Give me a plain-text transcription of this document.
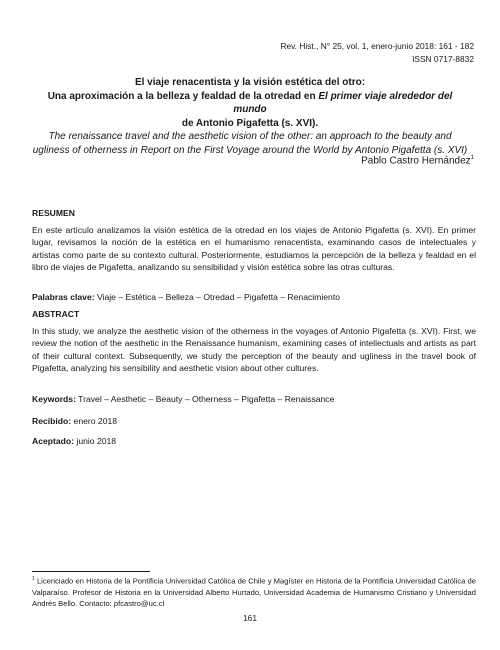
Rev. Hist., N° 25, vol. 1, enero-junio 2018: 161 - 182
ISSN 0717-8832

El viaje renacentista y la visión estética del otro:
Una aproximación a la belleza y fealdad de la otredad en El primer viaje alrededor del mundo
de Antonio Pigafetta (s. XVI).

The renaissance travel and the aesthetic vision of the other: an approach to the beauty and ugliness of otherness in Report on the First Voyage around the World by Antonio Pigafetta (s. XVI)

Pablo Castro Hernández$^1$
RESUMEN
En este artículo analizamos la visión estética de la otredad en los viajes de Antonio Pigafetta (s. XVI). En primer lugar, revisamos la noción de la estética en el humanismo renacentista, examinando casos de intelectuales y artistas como parte de su contexto cultural. Posteriormente, estudiamos la percepción de la belleza y fealdad en el libro de viajes de Pigafetta, analizando su sensibilidad y visión estética sobre las otras culturas.
Palabras clave: Viaje – Estética – Belleza – Otredad – Pigafetta – Renacimiento
ABSTRACT
In this study, we analyze the aesthetic vision of the otherness in the voyages of Antonio Pigafetta (s. XVI). First, we review the notion of the aesthetic in the Renaissance humanism, examining cases of intellectuals and artists as part of their cultural context. Subsequently, we study the perception of the beauty and ugliness in the travel book of Pigafetta, analyzing his sensibility and aesthetic vision about other cultures.
Keywords: Travel – Aesthetic – Beauty – Otherness – Pigafetta – Renaissance
Recibido: enero 2018
Aceptado: junio 2018
$^1$ Licenciado en Historia de la Pontificia Universidad Católica de Chile y Magíster en Historia de la Pontificia Universidad Católica de Valparaíso. Profesor de Historia en la Universidad Alberto Hurtado, Universidad Academia de Humanismo Cristiano y Universidad Andrés Bello. Contacto: pfcastro@uc.cl
161
